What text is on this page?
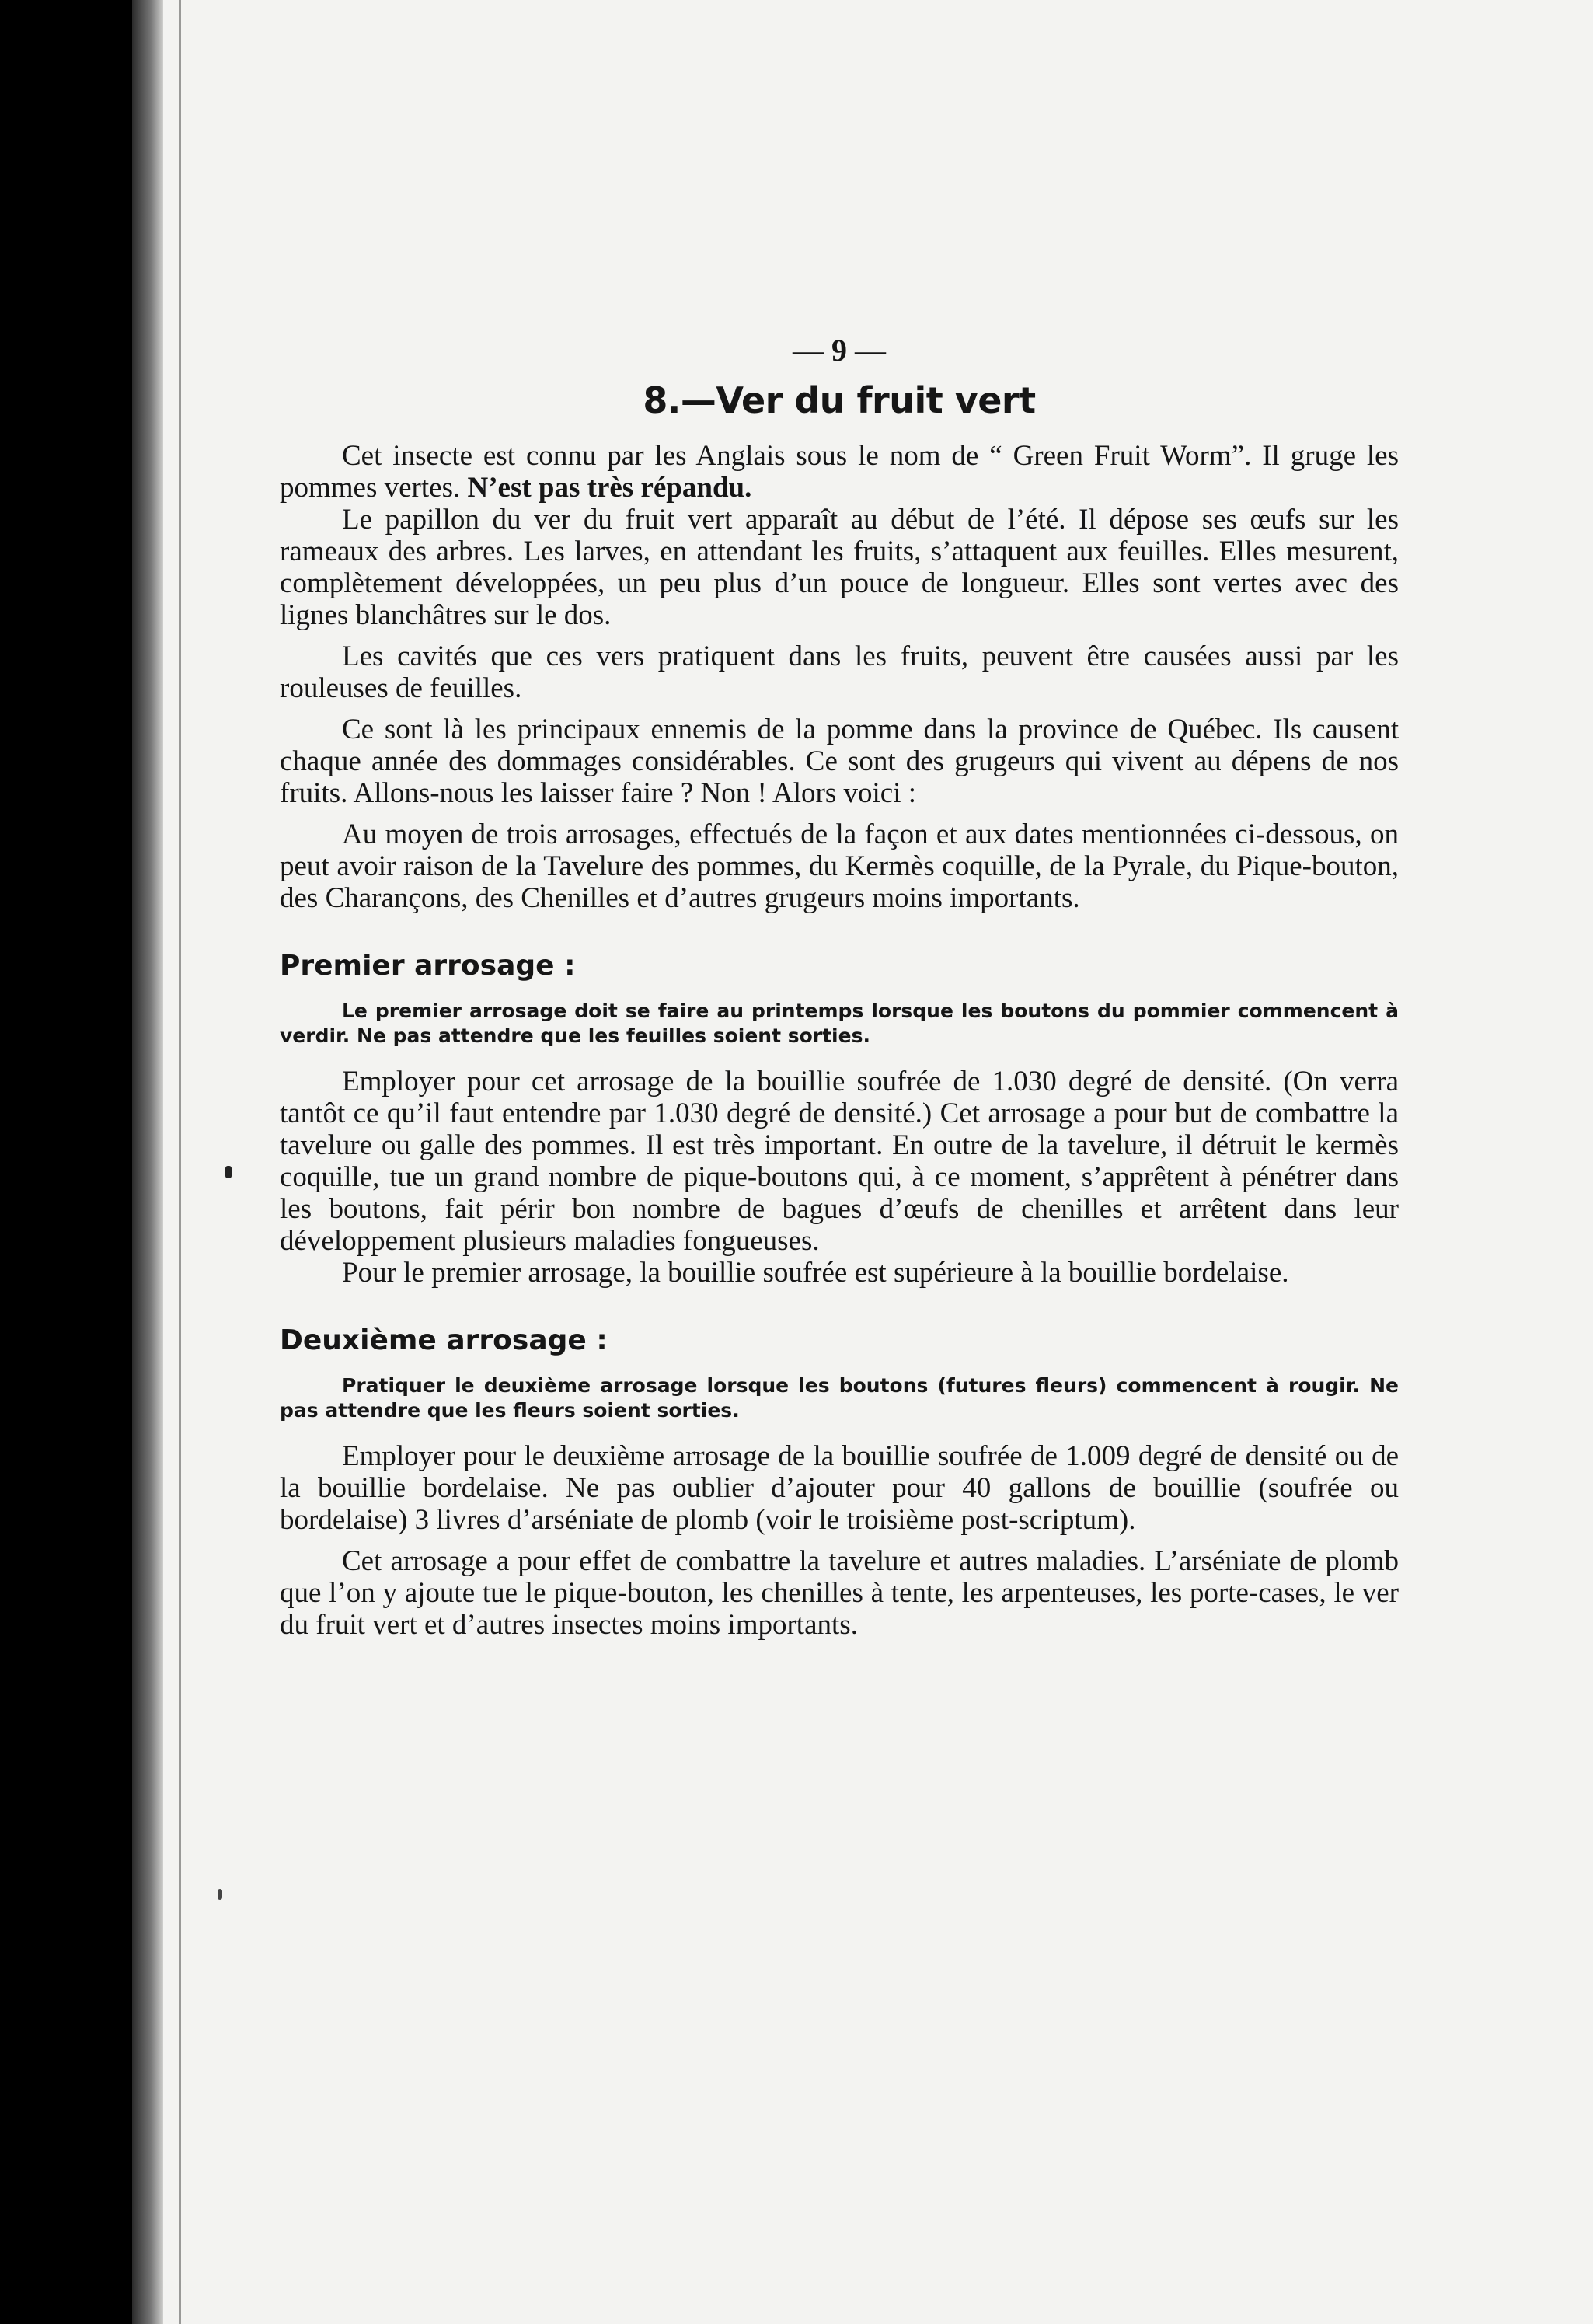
— 9 —
8.—Ver du fruit vert

Cet insecte est connu par les Anglais sous le nom de “ Green Fruit Worm”. Il gruge les pommes vertes. N’est pas très répandu.

Le papillon du ver du fruit vert apparaît au début de l’été. Il dépose ses œufs sur les rameaux des arbres. Les larves, en attendant les fruits, s’attaquent aux feuilles. Elles mesurent, complètement développées, un peu plus d’un pouce de longueur. Elles sont vertes avec des lignes blanchâtres sur le dos.

Les cavités que ces vers pratiquent dans les fruits, peuvent être causées aussi par les rouleuses de feuilles.

Ce sont là les principaux ennemis de la pomme dans la province de Québec. Ils causent chaque année des dommages considérables. Ce sont des grugeurs qui vivent au dépens de nos fruits. Allons-nous les laisser faire ? Non ! Alors voici :

Au moyen de trois arrosages, effectués de la façon et aux dates mentionnées ci-dessous, on peut avoir raison de la Tavelure des pommes, du Kermès coquille, de la Pyrale, du Pique-bouton, des Charançons, des Chenilles et d’autres grugeurs moins importants.

Premier arrosage :

Le premier arrosage doit se faire au printemps lorsque les boutons du pommier commencent à verdir. Ne pas attendre que les feuilles soient sorties.

Employer pour cet arrosage de la bouillie soufrée de 1.030 degré de densité. (On verra tantôt ce qu’il faut entendre par 1.030 degré de densité.) Cet arrosage a pour but de combattre la tavelure ou galle des pommes. Il est très important. En outre de la tavelure, il détruit le kermès coquille, tue un grand nombre de pique-boutons qui, à ce moment, s’apprêtent à pénétrer dans les boutons, fait périr bon nombre de bagues d’œufs de chenilles et arrêtent dans leur développement plusieurs maladies fongueuses.

Pour le premier arrosage, la bouillie soufrée est supérieure à la bouillie bordelaise.

Deuxième arrosage :

Pratiquer le deuxième arrosage lorsque les boutons (futures fleurs) commencent à rougir. Ne pas attendre que les fleurs soient sorties.

Employer pour le deuxième arrosage de la bouillie soufrée de 1.009 degré de densité ou de la bouillie bordelaise. Ne pas oublier d’ajouter pour 40 gallons de bouillie (soufrée ou bordelaise) 3 livres d’arséniate de plomb (voir le troisième post-scriptum).

Cet arrosage a pour effet de combattre la tavelure et autres maladies. L’arséniate de plomb que l’on y ajoute tue le pique-bouton, les chenilles à tente, les arpenteuses, les porte-cases, le ver du fruit vert et d’autres insectes moins importants.
